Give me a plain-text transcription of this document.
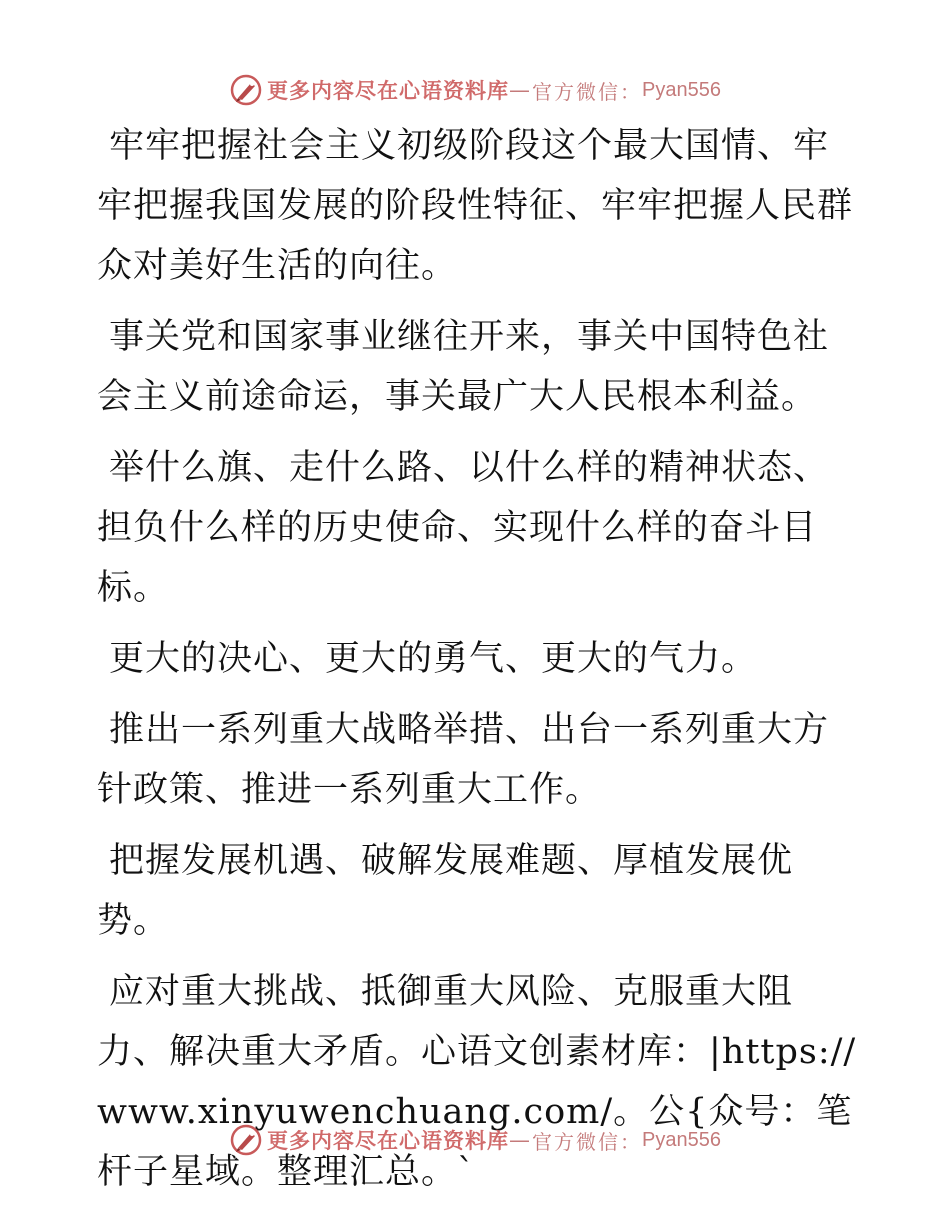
更多内容尽在心语资料库 — 官方微信： Pyan556

牢牢把握社会主义初级阶段这个最大国情、牢牢把握我国发展的阶段性特征、牢牢把握人民群众对美好生活的向往。

事关党和国家事业继往开来，事关中国特色社会主义前途命运，事关最广大人民根本利益。

举什么旗、走什么路、以什么样的精神状态、担负什么样的历史使命、实现什么样的奋斗目标。

更大的决心、更大的勇气、更大的气力。

推出一系列重大战略举措、出台一系列重大方针政策、推进一系列重大工作。

把握发展机遇、破解发展难题、厚植发展优势。

应对重大挑战、抵御重大风险、克服重大阻力、解决重大矛盾。心语文创素材库：|https://www.xinyuwenchuang.com/。公{众号：笔杆子星域。整理汇总。`

更多内容尽在心语资料库 — 官方微信： Pyan556
